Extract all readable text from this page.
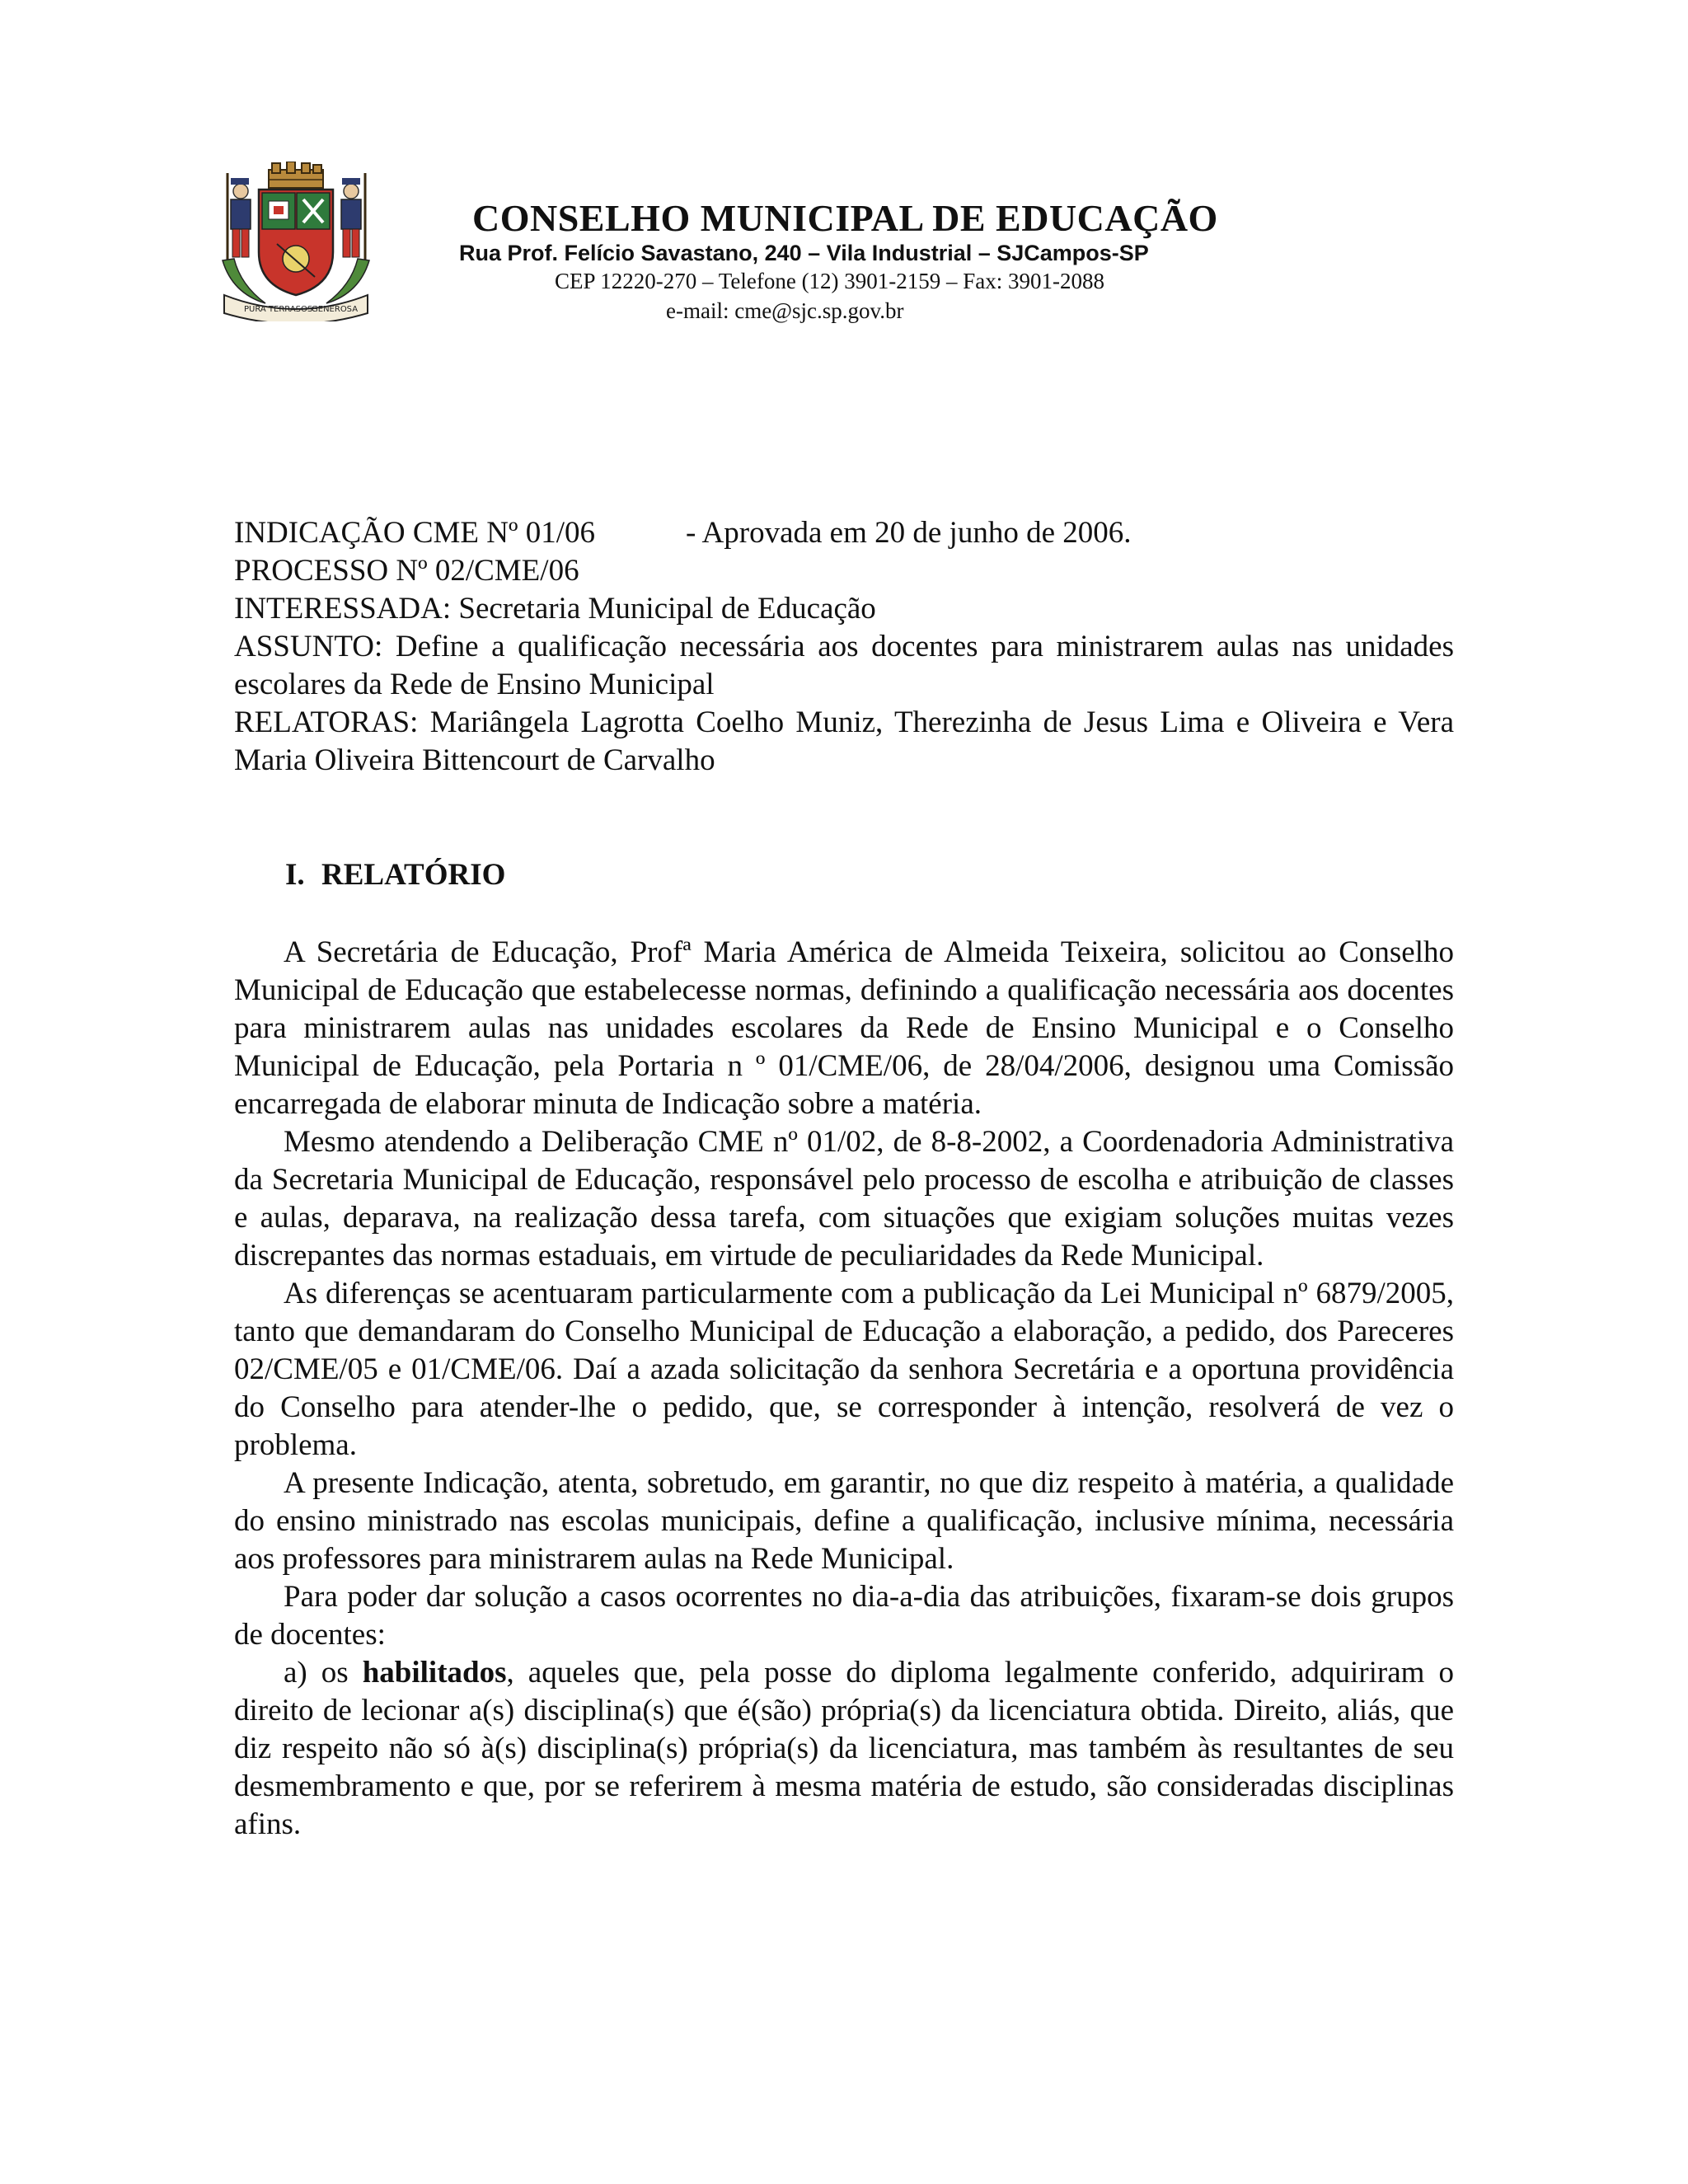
PURA TERRASOS
GENEROSA
CONSELHO MUNICIPAL DE EDUCAÇÃO
Rua Prof. Felício Savastano, 240 – Vila Industrial – SJCampos-SP
CEP 12220-270 – Telefone (12) 3901-2159 – Fax: 3901-2088
e-mail: cme@sjc.sp.gov.br
INDICAÇÃO CME Nº 01/06	- Aprovada em 20 de junho de 2006.
PROCESSO Nº 02/CME/06
INTERESSADA: Secretaria Municipal de Educação
ASSUNTO: Define a qualificação necessária aos docentes para ministrarem aulas nas unidades escolares da Rede de Ensino Municipal
RELATORAS: Mariângela Lagrotta Coelho Muniz, Therezinha de Jesus Lima e Oliveira e Vera Maria Oliveira Bittencourt de Carvalho
I. RELATÓRIO

A Secretária de Educação, Profª Maria América de Almeida Teixeira, solicitou ao Conselho Municipal de Educação que estabelecesse normas, definindo a qualificação necessária aos docentes para ministrarem aulas nas unidades escolares da Rede de Ensino Municipal e o Conselho Municipal de Educação, pela Portaria n º 01/CME/06, de 28/04/2006, designou uma Comissão encarregada de elaborar minuta de Indicação sobre a matéria.

Mesmo atendendo a Deliberação CME nº 01/02, de 8-8-2002, a Coordenadoria Administrativa da Secretaria Municipal de Educação, responsável pelo processo de escolha e atribuição de classes e aulas, deparava, na realização dessa tarefa, com situações que exigiam soluções muitas vezes discrepantes das normas estaduais, em virtude de peculiaridades da Rede Municipal.

As diferenças se acentuaram particularmente com a publicação da Lei Municipal nº 6879/2005, tanto que demandaram do Conselho Municipal de Educação a elaboração, a pedido, dos Pareceres 02/CME/05 e 01/CME/06. Daí a azada solicitação da senhora Secretária e a oportuna providência do Conselho para atender-lhe o pedido, que, se corresponder à intenção, resolverá de vez o problema.

A presente Indicação, atenta, sobretudo, em garantir, no que diz respeito à matéria, a qualidade do ensino ministrado nas escolas municipais, define a qualificação, inclusive mínima, necessária aos professores para ministrarem aulas na Rede Municipal.

Para poder dar solução a casos ocorrentes no dia-a-dia das atribuições, fixaram-se dois grupos de docentes:

a) os habilitados, aqueles que, pela posse do diploma legalmente conferido, adquiriram o direito de lecionar a(s) disciplina(s) que é(são) própria(s) da licenciatura obtida. Direito, aliás, que diz respeito não só à(s) disciplina(s) própria(s) da licenciatura, mas também às resultantes de seu desmembramento e que, por se referirem à mesma matéria de estudo, são consideradas disciplinas afins.
